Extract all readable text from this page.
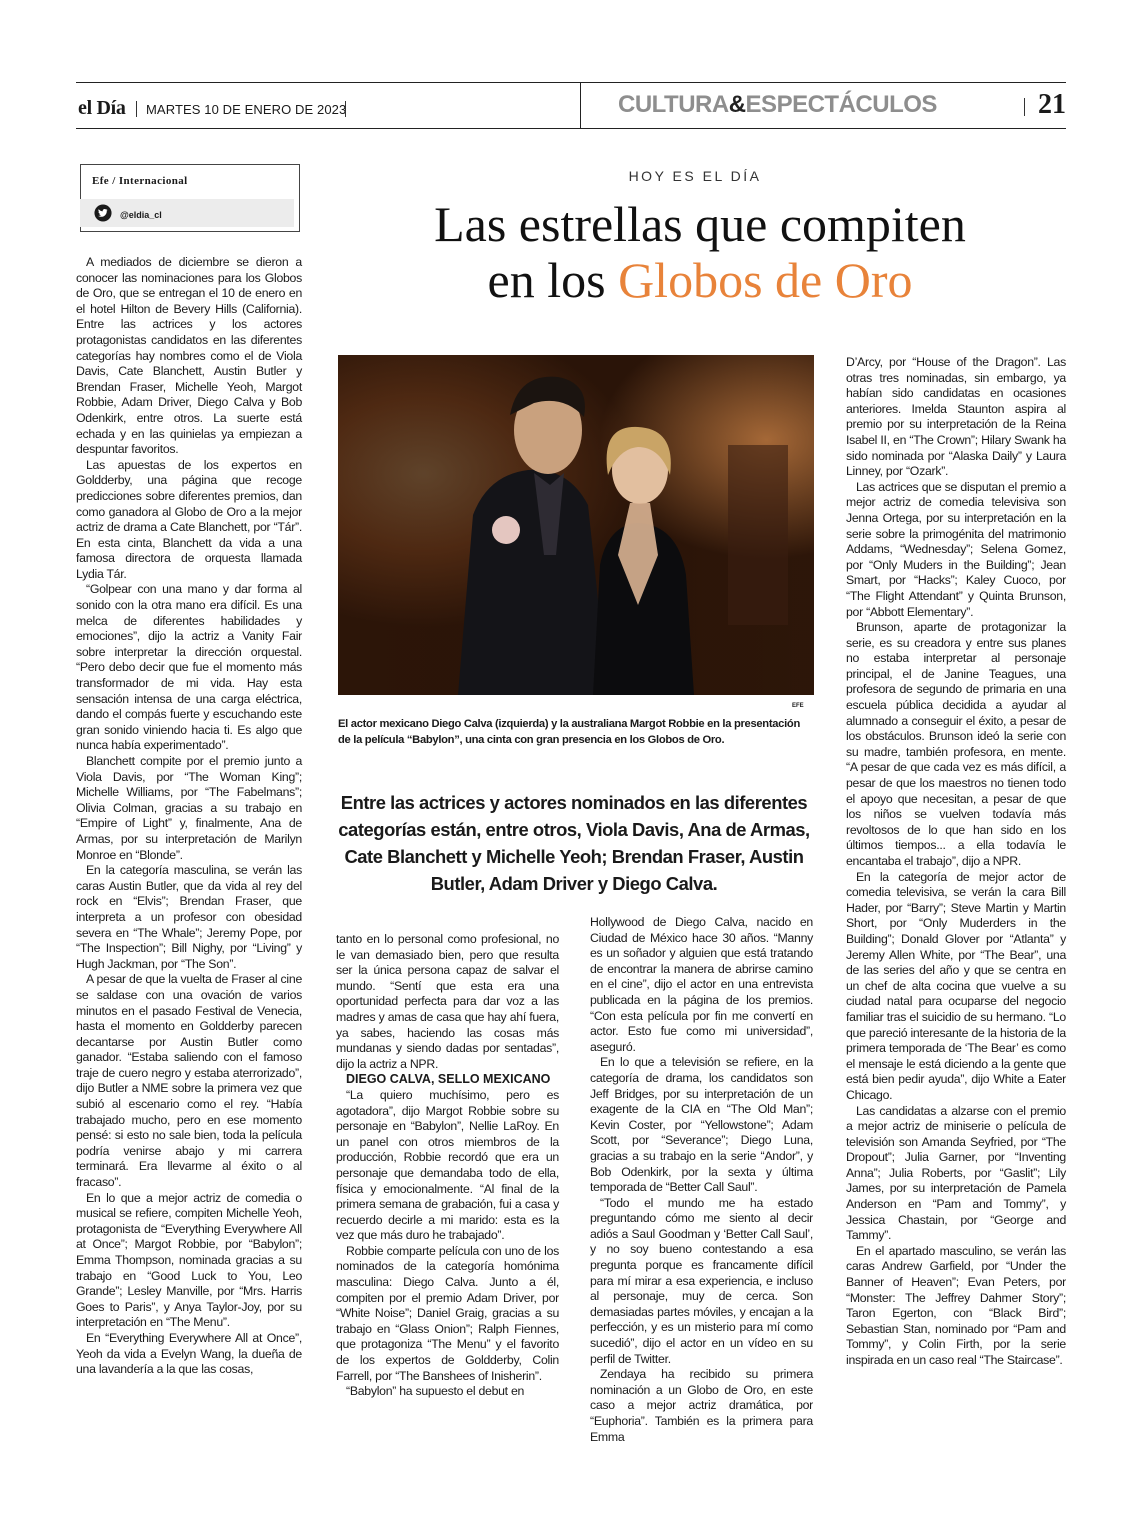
el Día MARTES 10 DE ENERO DE 2023	CULTURA&ESPECTÁCULOS	21
Efe / Internacional
@eldia_cl
HOY ES EL DÍA
Las estrellas que compiten
en los Globos de Oro
EFE
El actor mexicano Diego Calva (izquierda) y la australiana Margot Robbie en la presentación
de la película “Babylon”, una cinta con gran presencia en los Globos de Oro.
Entre las actrices y actores nominados en las diferentes
categorías están, entre otros, Viola Davis, Ana de Armas,
Cate Blanchett y Michelle Yeoh; Brendan Fraser, Austin
Butler, Adam Driver y Diego Calva.

A mediados de diciembre se dieron a conocer las nominaciones para los Globos de Oro, que se entregan el 10 de enero en el hotel Hilton de Bevery Hills (California). Entre las actrices y los actores protagonistas candidatos en las diferentes categorías hay nombres como el de Viola Davis, Cate Blanchett, Austin Butler y Brendan Fraser, Michelle Yeoh, Margot Robbie, Adam Driver, Diego Calva y Bob Odenkirk, entre otros. La suerte está echada y en las quinielas ya empiezan a despuntar favoritos.

Las apuestas de los expertos en Goldderby, una página que recoge predicciones sobre diferentes premios, dan como ganadora al Globo de Oro a la mejor actriz de drama a Cate Blanchett, por “Tár”. En esta cinta, Blanchett da vida a una famosa directora de orquesta llamada Lydia Tár.

“Golpear con una mano y dar forma al sonido con la otra mano era difícil. Es una melca de diferentes habilidades y emociones”, dijo la actriz a Vanity Fair sobre interpretar la dirección orquestal. “Pero debo decir que fue el momento más transformador de mi vida. Hay esta sensación intensa de una carga eléctrica, dando el compás fuerte y escuchando este gran sonido viniendo hacia ti. Es algo que nunca había experimentado”.

Blanchett compite por el premio junto a Viola Davis, por “The Woman King”; Michelle Williams, por “The Fabelmans”; Olivia Colman, gracias a su trabajo en “Empire of Light” y, finalmente, Ana de Armas, por su interpretación de Marilyn Monroe en “Blonde”.

En la categoría masculina, se verán las caras Austin Butler, que da vida al rey del rock en “Elvis”; Brendan Fraser, que interpreta a un profesor con obesidad severa en “The Whale”; Jeremy Pope, por “The Inspection”; Bill Nighy, por “Living” y Hugh Jackman, por “The Son”.

A pesar de que la vuelta de Fraser al cine se saldase con una ovación de varios minutos en el pasado Festival de Venecia, hasta el momento en Goldderby parecen decantarse por Austin Butler como ganador. “Estaba saliendo con el famoso traje de cuero negro y estaba aterrorizado”, dijo Butler a NME sobre la primera vez que subió al escenario como el rey. “Había trabajado mucho, pero en ese momento pensé: si esto no sale bien, toda la película podría venirse abajo y mi carrera terminará. Era llevarme al éxito o al fracaso”.

En lo que a mejor actriz de comedia o musical se refiere, compiten Michelle Yeoh, protagonista de “Everything Everywhere All at Once”; Margot Robbie, por “Babylon”; Emma Thompson, nominada gracias a su trabajo en “Good Luck to You, Leo Grande”; Lesley Manville, por “Mrs. Harris Goes to Paris”, y Anya Taylor-Joy, por su interpretación en “The Menu”.

En “Everything Everywhere All at Once”, Yeoh da vida a Evelyn Wang, la dueña de una lavandería a la que las cosas,

tanto en lo personal como profesional, no le van demasiado bien, pero que resulta ser la única persona capaz de salvar el mundo. “Sentí que esta era una oportunidad perfecta para dar voz a las madres y amas de casa que hay ahí fuera, ya sabes, haciendo las cosas más mundanas y siendo dadas por sentadas”, dijo la actriz a NPR.

DIEGO CALVA, SELLO MEXICANO

“La quiero muchísimo, pero es agotadora”, dijo Margot Robbie sobre su personaje en “Babylon”, Nellie LaRoy. En un panel con otros miembros de la producción, Robbie recordó que era un personaje que demandaba todo de ella, física y emocionalmente. “Al final de la primera semana de grabación, fui a casa y recuerdo decirle a mi marido: esta es la vez que más duro he trabajado”.

Robbie comparte película con uno de los nominados de la categoría homónima masculina: Diego Calva. Junto a él, compiten por el premio Adam Driver, por “White Noise”; Daniel Graig, gracias a su trabajo en “Glass Onion”; Ralph Fiennes, que protagoniza “The Menu” y el favorito de los expertos de Goldderby, Colin Farrell, por “The Banshees of Inisherin”.

“Babylon” ha supuesto el debut en

Hollywood de Diego Calva, nacido en Ciudad de México hace 30 años. “Manny es un soñador y alguien que está tratando de encontrar la manera de abrirse camino en el cine”, dijo el actor en una entrevista publicada en la página de los premios. “Con esta película por fin me convertí en actor. Esto fue como mi universidad”, aseguró.

En lo que a televisión se refiere, en la categoría de drama, los candidatos son Jeff Bridges, por su interpretación de un exagente de la CIA en “The Old Man”; Kevin Coster, por “Yellowstone”; Adam Scott, por “Severance”; Diego Luna, gracias a su trabajo en la serie “Andor”, y Bob Odenkirk, por la sexta y última temporada de “Better Call Saul”.

“Todo el mundo me ha estado preguntando cómo me siento al decir adiós a Saul Goodman y ‘Better Call Saul’, y no soy bueno contestando a esa pregunta porque es francamente difícil para mí mirar a esa experiencia, e incluso al personaje, muy de cerca. Son demasiadas partes móviles, y encajan a la perfección, y es un misterio para mí como sucedió”, dijo el actor en un vídeo en su perfil de Twitter.

Zendaya ha recibido su primera nominación a un Globo de Oro, en este caso a mejor actriz dramática, por “Euphoria”. También es la primera para Emma

D’Arcy, por “House of the Dragon”. Las otras tres nominadas, sin embargo, ya habían sido candidatas en ocasiones anteriores. Imelda Staunton aspira al premio por su interpretación de la Reina Isabel II, en “The Crown”; Hilary Swank ha sido nominada por “Alaska Daily” y Laura Linney, por “Ozark”.

Las actrices que se disputan el premio a mejor actriz de comedia televisiva son Jenna Ortega, por su interpretación en la serie sobre la primogénita del matrimonio Addams, “Wednesday”; Selena Gomez, por “Only Muders in the Building”; Jean Smart, por “Hacks”; Kaley Cuoco, por “The Flight Attendant” y Quinta Brunson, por “Abbott Elementary”.

Brunson, aparte de protagonizar la serie, es su creadora y entre sus planes no estaba interpretar al personaje principal, el de Janine Teagues, una profesora de segundo de primaria en una escuela pública decidida a ayudar al alumnado a conseguir el éxito, a pesar de los obstáculos. Brunson ideó la serie con su madre, también profesora, en mente. “A pesar de que cada vez es más difícil, a pesar de que los maestros no tienen todo el apoyo que necesitan, a pesar de que los niños se vuelven todavía más revoltosos de lo que han sido en los últimos tiempos... a ella todavía le encantaba el trabajo”, dijo a NPR.

En la categoría de mejor actor de comedia televisiva, se verán la cara Bill Hader, por “Barry”; Steve Martin y Martin Short, por “Only Muderders in the Building”; Donald Glover por “Atlanta” y Jeremy Allen White, por “The Bear”, una de las series del año y que se centra en un chef de alta cocina que vuelve a su ciudad natal para ocuparse del negocio familiar tras el suicidio de su hermano. “Lo que pareció interesante de la historia de la primera temporada de ‘The Bear’ es como el mensaje le está diciendo a la gente que está bien pedir ayuda”, dijo White a Eater Chicago.

Las candidatas a alzarse con el premio a mejor actriz de miniserie o película de televisión son Amanda Seyfried, por “The Dropout”; Julia Garner, por “Inventing Anna”; Julia Roberts, por “Gaslit”; Lily James, por su interpretación de Pamela Anderson en “Pam and Tommy”, y Jessica Chastain, por “George and Tammy”.

En el apartado masculino, se verán las caras Andrew Garfield, por “Under the Banner of Heaven”; Evan Peters, por “Monster: The Jeffrey Dahmer Story”; Taron Egerton, con “Black Bird”; Sebastian Stan, nominado por “Pam and Tommy”, y Colin Firth, por la serie inspirada en un caso real “The Staircase”.
